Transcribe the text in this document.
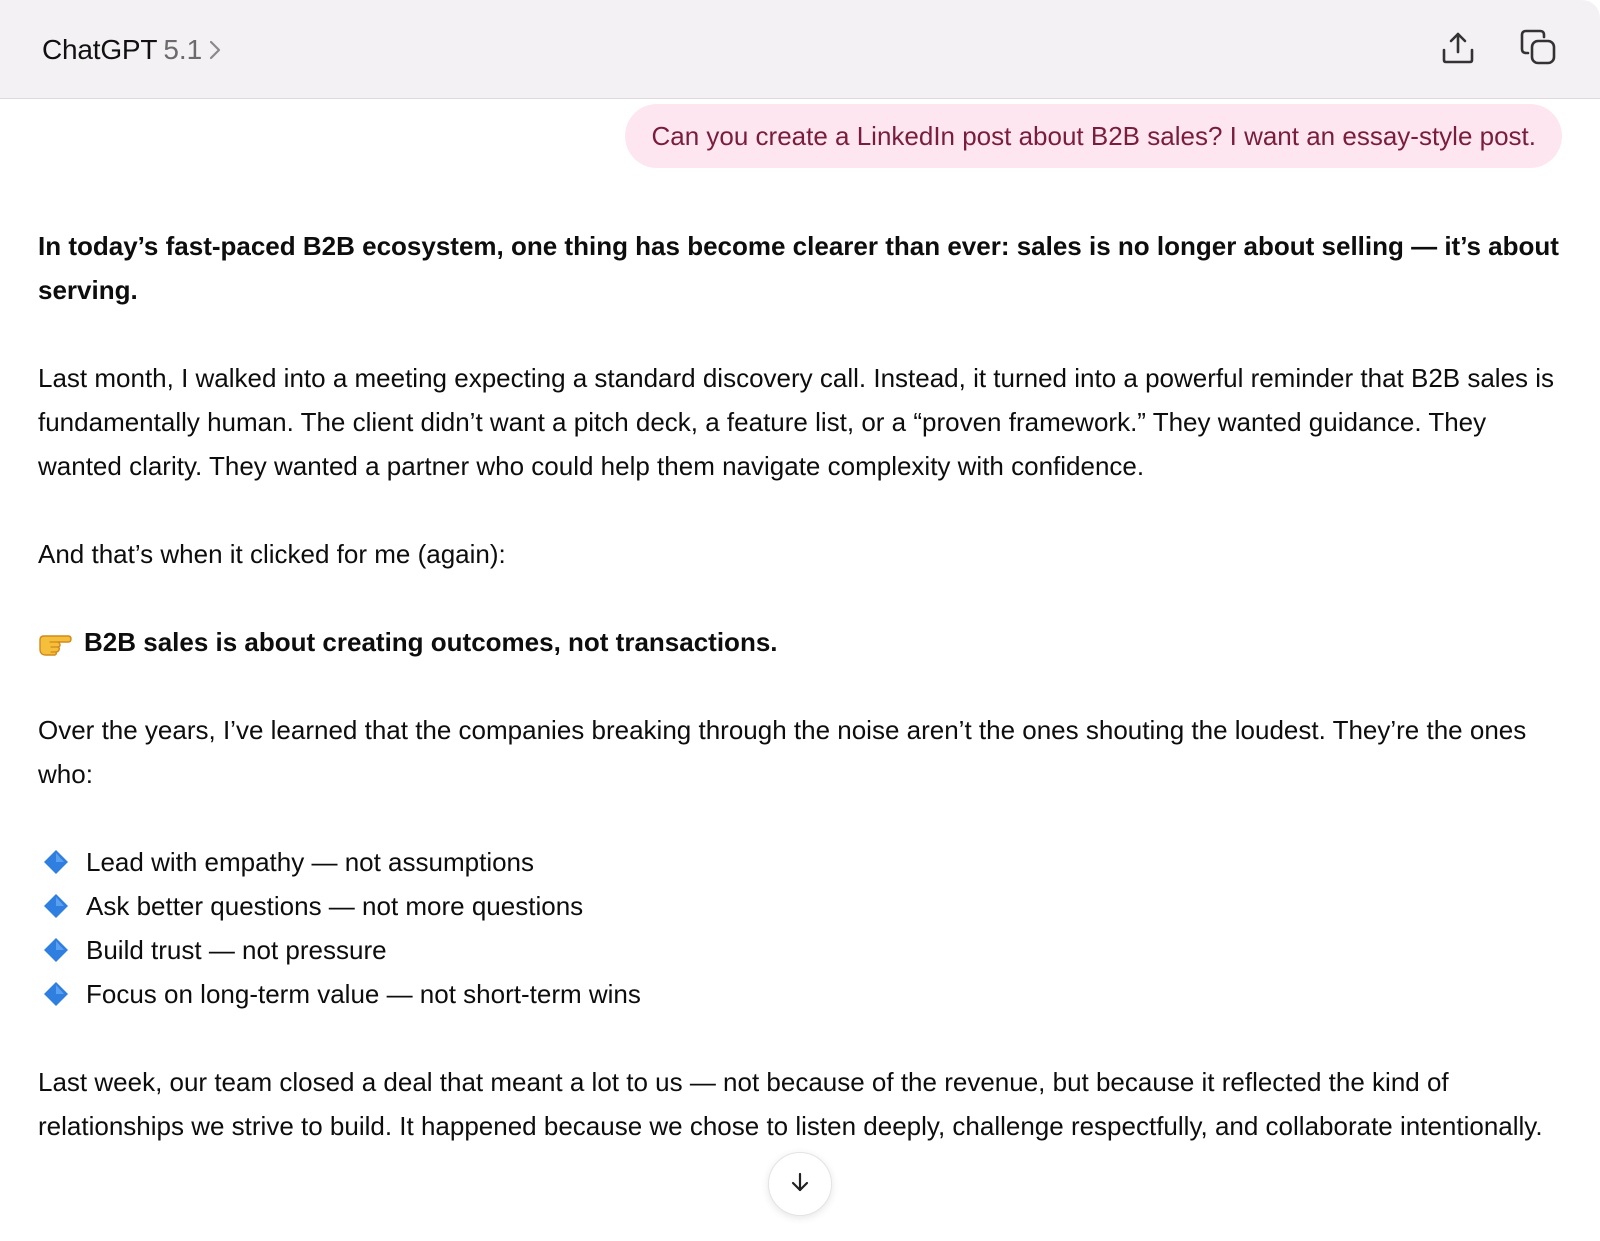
ChatGPT 5.1
Can you create a LinkedIn post about B2B sales? I want an essay-style post.

In today’s fast-paced B2B ecosystem, one thing has become clearer than ever: sales is no longer about selling — it’s about serving.

Last month, I walked into a meeting expecting a standard discovery call. Instead, it turned into a powerful reminder that B2B sales is fundamentally human. The client didn’t want a pitch deck, a feature list, or a “proven framework.” They wanted guidance. They wanted clarity. They wanted a partner who could help them navigate complexity with confidence.

And that’s when it clicked for me (again):

B2B sales is about creating outcomes, not transactions.

Over the years, I’ve learned that the companies breaking through the noise aren’t the ones shouting the loudest. They’re the ones who:

Lead with empathy — not assumptions
Ask better questions — not more questions
Build trust — not pressure
Focus on long-term value — not short-term wins

Last week, our team closed a deal that meant a lot to us — not because of the revenue, but because it reflected the kind of relationships we strive to build. It happened because we chose to listen deeply, challenge respectfully, and collaborate intentionally.
